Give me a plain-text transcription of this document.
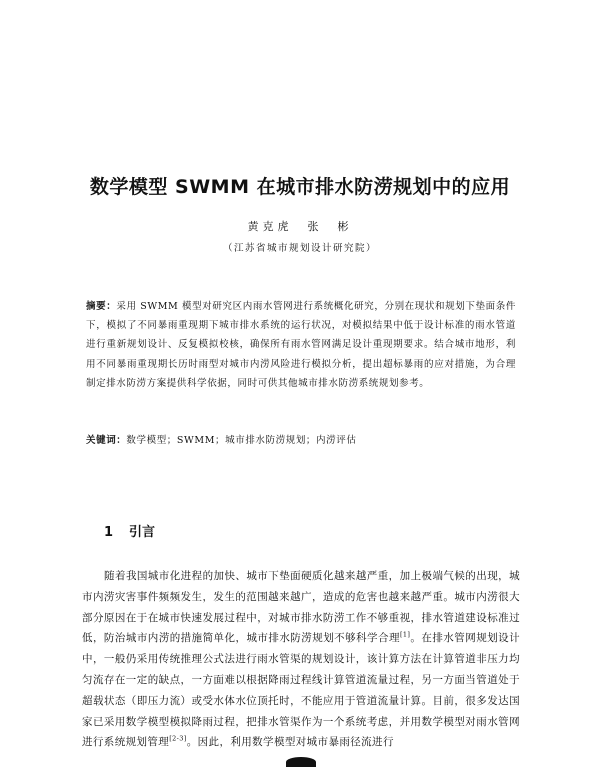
数学模型 SWMM 在城市排水防涝规划中的应用
黄克虎　张　彬
（江苏省城市规划设计研究院）
摘要：采用 SWMM 模型对研究区内雨水管网进行系统概化研究，分别在现状和规划下垫面条件下，模拟了不同暴雨重现期下城市排水系统的运行状况，对模拟结果中低于设计标准的雨水管道进行重新规划设计、反复模拟校核，确保所有雨水管网满足设计重现期要求。结合城市地形，利用不同暴雨重现期长历时雨型对城市内涝风险进行模拟分析，提出超标暴雨的应对措施，为合理制定排水防涝方案提供科学依据，同时可供其他城市排水防涝系统规划参考。
关键词：数学模型；SWMM；城市排水防涝规划；内涝评估
1 引言

随着我国城市化进程的加快、城市下垫面硬质化越来越严重，加上极端气候的出现，城市内涝灾害事件频频发生，发生的范围越来越广，造成的危害也越来越严重。城市内涝很大部分原因在于在城市快速发展过程中，对城市排水防涝工作不够重视，排水管道建设标准过低，防治城市内涝的措施简单化，城市排水防涝规划不够科学合理[1]。在排水管网规划设计中，一般仍采用传统推理公式法进行雨水管渠的规划设计，该计算方法在计算管道非压力均匀流存在一定的缺点，一方面难以根据降雨过程线计算管道流量过程，另一方面当管道处于超载状态（即压力流）或受水体水位顶托时，不能应用于管道流量计算。目前，很多发达国家已采用数学模型模拟降雨过程，把排水管渠作为一个系统考虑，并用数学模型对雨水管网进行系统规划管理[2-3]。因此，利用数学模型对城市暴雨径流进行
